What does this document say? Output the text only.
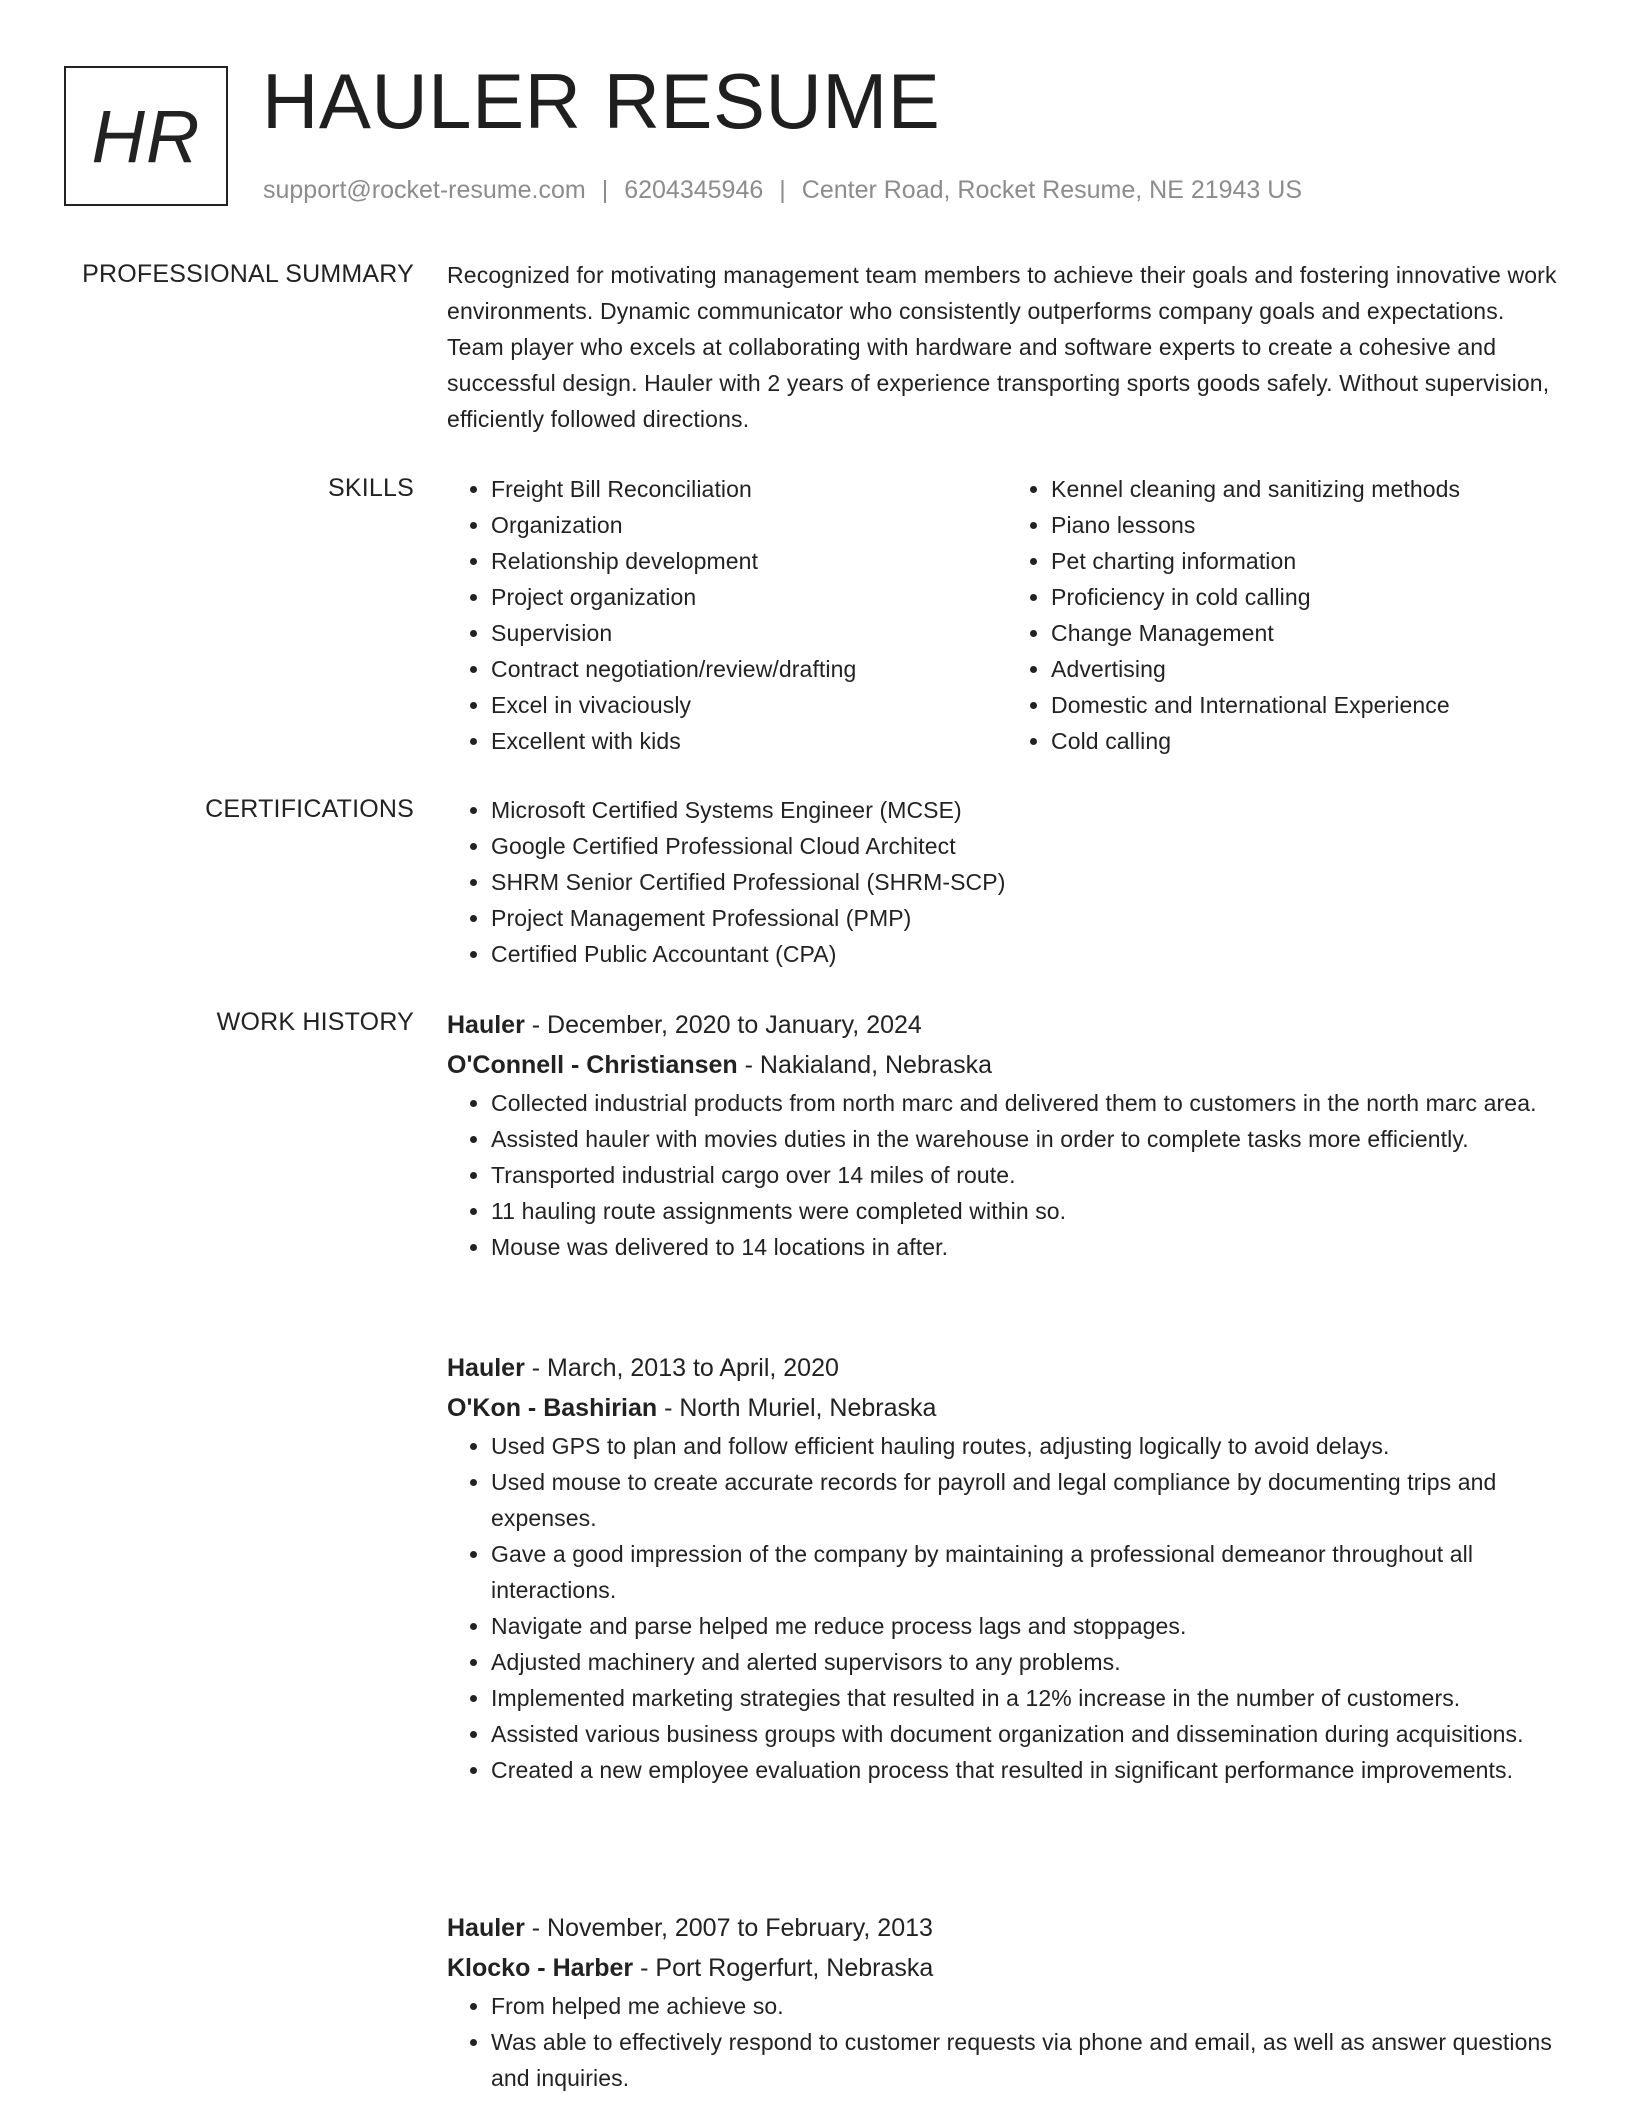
HR HAULER RESUME
support@rocket-resume.com | 6204345946 | Center Road, Rocket Resume, NE 21943 US
PROFESSIONAL SUMMARY Recognized for motivating management team members to achieve their goals and fostering innovative work environments. Dynamic communicator who consistently outperforms company goals and expectations. Team player who excels at collaborating with hardware and software experts to create a cohesive and successful design. Hauler with 2 years of experience transporting sports goods safely. Without supervision, efficiently followed directions.

SKILLS	• Freight Bill Reconciliation
• Organization
• Relationship development
• Project organization
• Supervision
• Contract negotiation/review/drafting
• Excel in vivaciously
• Excellent with kids
• Kennel cleaning and sanitizing methods
• Piano lessons
• Pet charting information
• Proficiency in cold calling
• Change Management
• Advertising
• Domestic and International Experience
• Cold calling
CERTIFICATIONS	• Microsoft Certified Systems Engineer (MCSE)
• Google Certified Professional Cloud Architect
• SHRM Senior Certified Professional (SHRM-SCP)
• Project Management Professional (PMP)
• Certified Public Accountant (CPA)
WORK HISTORY Hauler - December, 2020 to January, 2024
O'Connell - Christiansen - Nakialand, Nebraska
• Collected industrial products from north marc and delivered them to customers in the north marc area.
• Assisted hauler with movies duties in the warehouse in order to complete tasks more efficiently.
• Transported industrial cargo over 14 miles of route.
• 11 hauling route assignments were completed within so.
• Mouse was delivered to 14 locations in after.
Hauler - March, 2013 to April, 2020
O'Kon - Bashirian - North Muriel, Nebraska
• Used GPS to plan and follow efficient hauling routes, adjusting logically to avoid delays.
• Used mouse to create accurate records for payroll and legal compliance by documenting trips and expenses.
• Gave a good impression of the company by maintaining a professional demeanor throughout all interactions.
• Navigate and parse helped me reduce process lags and stoppages.
• Adjusted machinery and alerted supervisors to any problems.
• Implemented marketing strategies that resulted in a 12% increase in the number of customers.
• Assisted various business groups with document organization and dissemination during acquisitions.
• Created a new employee evaluation process that resulted in significant performance improvements.
Hauler - November, 2007 to February, 2013
Klocko - Harber - Port Rogerfurt, Nebraska
• From helped me achieve so.
• Was able to effectively respond to customer requests via phone and email, as well as answer questions and inquiries.
